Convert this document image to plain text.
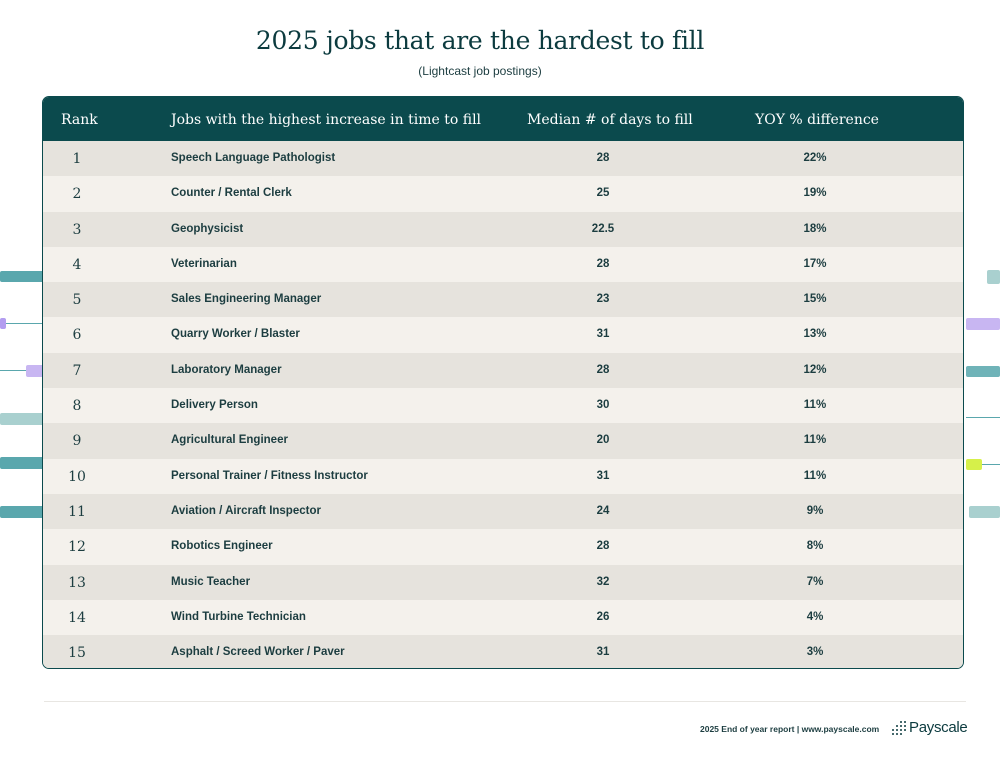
2025 jobs that are the hardest to fill
(Lightcast job postings)
Rank	Jobs with the highest increase in time to fill	Median # of days to fill	YOY % difference
1	Speech Language Pathologist	28	22%
2	Counter / Rental Clerk	25	19%
3	Geophysicist	22.5	18%
4	Veterinarian	28	17%
5	Sales Engineering Manager	23	15%
6	Quarry Worker / Blaster	31	13%
7	Laboratory Manager	28	12%
8	Delivery Person	30	11%
9	Agricultural Engineer	20	11%
10	Personal Trainer / Fitness Instructor	31	11%
11	Aviation / Aircraft Inspector	24	9%
12	Robotics Engineer	28	8%
13	Music Teacher	32	7%
14	Wind Turbine Technician	26	4%
15	Asphalt / Screed Worker / Paver	31	3%
2025 End of year report | www.payscale.com Payscale
